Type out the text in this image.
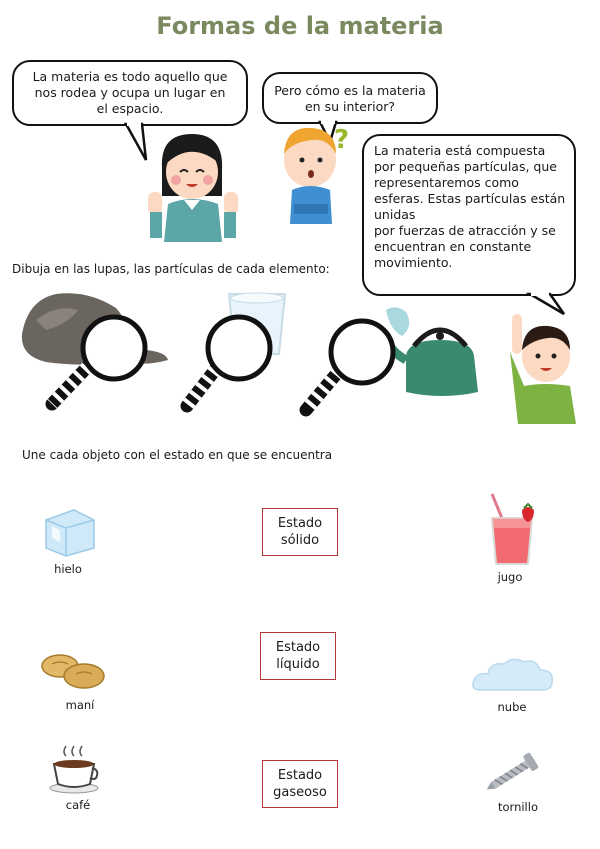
Formas de la materia
La materia es todo aquello que
nos rodea y ocupa un lugar en
el espacio.
Pero cómo es la materia
en su interior?
La materia está compuesta
por pequeñas partículas, que
representaremos como
esferas. Estas partículas están
unidas
por fuerzas de atracción y se
encuentran en constante
movimiento.
?
Dibuja en las lupas, las partículas de cada elemento:
Une cada objeto con el estado en que se encuentra
Estado
sólido
Estado
líquido
Estado
gaseoso
hielo
maní
café
jugo
nube
tornillo
